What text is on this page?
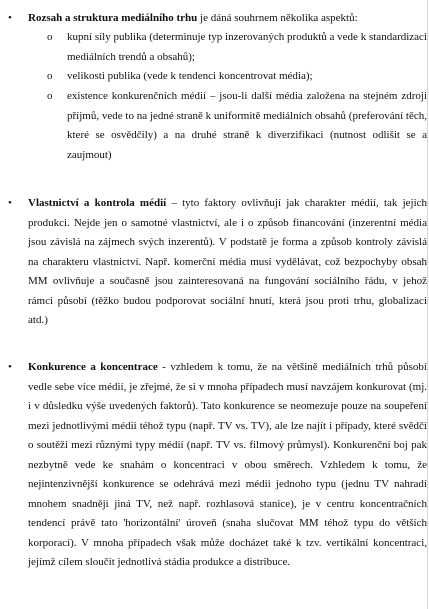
•	Rozsah a struktura mediálního trhu je dáná souhrnem několika aspektů:
o kupní síly publika (determinuje typ inzerovaných produktů a vede k standardizaci mediálních trendů a obsahů);
o velikosti publika (vede k tendenci koncentrovat média);
o existence konkurenčních médií – jsou-li další média založena na stejném zdroji příjmů, vede to na jedné straně k uniformitě mediálních obsahů (preferování těch, které se osvědčily) a na druhé straně k diverzifikaci (nutnost odlišit se a zaujmout)
•	Vlastnictví a kontrola médií – tyto faktory ovlivňují jak charakter médií, tak jejich produkci. Nejde jen o samotné vlastnictví, ale i o způsob financování (inzerentní média jsou závislá na zájmech svých inzerentů). V podstatě je forma a způsob kontroly závislá na charakteru vlastnictví. Např. komerční média musí vydělávat, což bezpochyby obsah MM ovlivňuje a současně jsou zainteresovaná na fungování sociálního řádu, v jehož rámci působí (těžko budou podporovat sociální hnutí, která jsou proti trhu, globalizaci atd.)
•	Konkurence a koncentrace - vzhledem k tomu, že na většině mediálních trhů působí vedle sebe více médií, je zřejmé, že si v mnoha případech musí navzájem konkurovat (mj. i v důsledku výše uvedených faktorů). Tato konkurence se neomezuje pouze na soupeření mezi jednotlivými médii téhož typu (např. TV vs. TV), ale lze najít i případy, které svědčí o soutěži mezi různými typy médií (např. TV vs. filmový průmysl). Konkurenční boj pak nezbytně vede ke snahám o koncentraci v obou směrech. Vzhledem k tomu, že nejintenzivnější konkurence se odehrává mezi médii jednoho typu (jednu TV nahradí mnohem snadněji jiná TV, než např. rozhlasová stanice), je v centru koncentračních tendencí právě tato 'horizontální' úroveň (snaha slučovat MM téhož typu do větších korporací). V mnoha případech však může docházet také k tzv. vertikální koncentraci, jejímž cílem sloučit jednotlivá stádia produkce a distribuce.
